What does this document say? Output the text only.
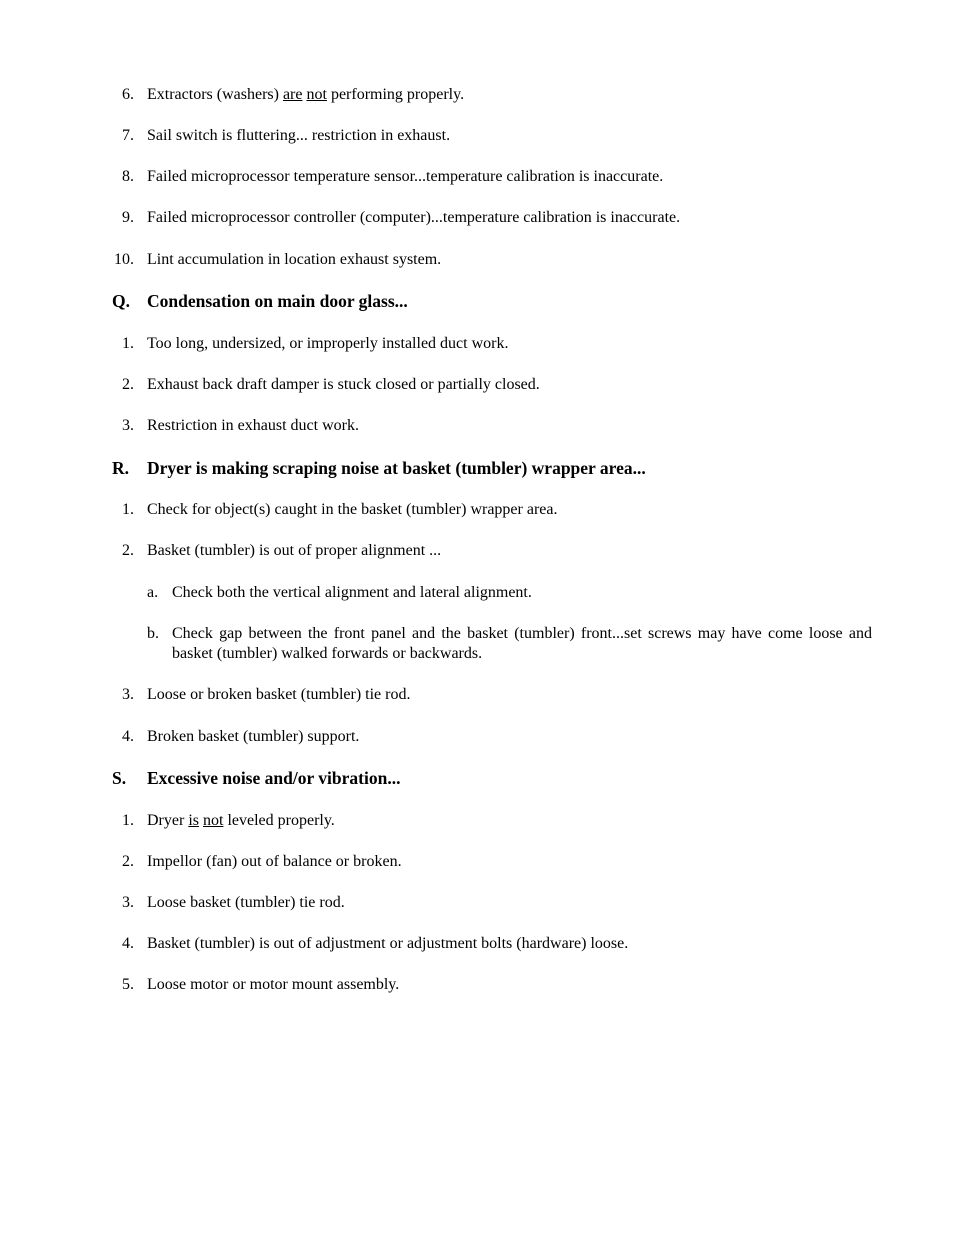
6. Extractors (washers) are not performing properly.
7. Sail switch is fluttering... restriction in exhaust.
8. Failed microprocessor temperature sensor...temperature calibration is inaccurate.
9. Failed microprocessor controller (computer)...temperature calibration is inaccurate.
10. Lint accumulation in location exhaust system.
Q. Condensation on main door glass...
1. Too long, undersized, or improperly installed duct work.
2. Exhaust back draft damper is stuck closed or partially closed.
3. Restriction in exhaust duct work.
R.	Dryer is making scraping noise at basket (tumbler) wrapper area...
1. Check for object(s) caught in the basket (tumbler) wrapper area.
2. Basket (tumbler) is out of proper alignment ...
a. Check both the vertical alignment and lateral alignment.
b. Check gap between the front panel and the basket (tumbler) front...set screws may have come loose and basket (tumbler) walked forwards or backwards.
3. Loose or broken basket (tumbler) tie rod.
4. Broken basket (tumbler) support.
S.	Excessive noise and/or vibration...
1. Dryer is not leveled properly.
2. Impellor (fan) out of balance or broken.
3. Loose basket (tumbler) tie rod.
4. Basket (tumbler) is out of adjustment or adjustment bolts (hardware) loose.
5. Loose motor or motor mount assembly.
